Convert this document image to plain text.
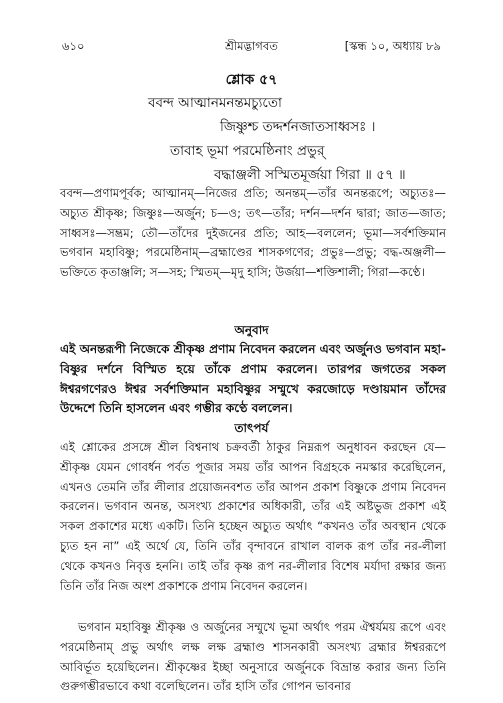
৬১০	শ্রীমদ্ভাগবত	[স্কন্ধ ১০, অধ্যায় ৮৯
শ্লোক ৫৭
ববন্দ আত্মানমনন্তমচ্যুতো
জিষ্ণুশ্চ তদ্দর্শনজাতসাধ্বসঃ ।
তাবাহ ভূমা পরমেষ্ঠিনাং প্রভুর্
বদ্ধাঞ্জলী সস্মিতমূর্জয়া গিরা ॥ ৫৭ ॥

ববন্দ—প্রণামপূর্বক; আত্মানম্—নিজের প্রতি; অনন্তম্—তাঁর অনন্তরূপে; অচ্যুতঃ—অচ্যুত শ্রীকৃষ্ণ; জিষ্ণুঃ—অর্জুন; চ—ও; তৎ—তাঁর; দর্শন—দর্শন দ্বারা; জাত—জাত; সাধ্বসঃ—সম্ভ্রম; তৌ—তাঁদের দুইজনের প্রতি; আহ—বললেন; ভূমা—সর্বশক্তিমান ভগবান মহাবিষ্ণু; পরমেষ্ঠিনাম্—ব্রহ্মাণ্ডের শাসকগণের; প্রভুঃ—প্রভু; বদ্ধ-অঞ্জলী—ভক্তিতে কৃতাঞ্জলি; স—সহ; স্মিতম্—মৃদু হাসি; উর্জয়া—শক্তিশালী; গিরা—কণ্ঠে।

অনুবাদ

এই অনন্তরূপী নিজেকে শ্রীকৃষ্ণ প্রণাম নিবেদন করলেন এবং অর্জুনও ভগবান মহা-বিষ্ণুর দর্শনে বিস্মিত হয়ে তাঁকে প্রণাম করলেন। তারপর জগতের সকল ঈশ্বরগণেরও ঈশ্বর সর্বশক্তিমান মহাবিষ্ণুর সম্মুখে করজোড়ে দণ্ডায়মান তাঁদের উদ্দেশে তিনি হাসলেন এবং গম্ভীর কণ্ঠে বললেন।

তাৎপর্য

এই শ্লোকের প্রসঙ্গে শ্রীল বিশ্বনাথ চক্রবর্তী ঠাকুর নিম্নরূপ অনুধাবন করছেন যে—শ্রীকৃষ্ণ যেমন গোবর্ধন পর্বত পূজার সময় তাঁর আপন বিগ্রহকে নমস্কার করেছিলেন, এখনও তেমনি তাঁর লীলার প্রয়োজনবশত তাঁর আপন প্রকাশ বিষ্ণুকে প্রণাম নিবেদন করলেন। ভগবান অনন্ত, অসংখ্য প্রকাশের অধিকারী, তাঁর এই অষ্টভুজ প্রকাশ এই সকল প্রকাশের মধ্যে একটি। তিনি হচ্ছেন অচ্যুত অর্থাৎ “কখনও তাঁর অবস্থান থেকে চ্যুত হন না” এই অর্থে যে, তিনি তাঁর বৃন্দাবনে রাখাল বালক রূপ তাঁর নর-লীলা থেকে কখনও নিবৃত্ত হননি। তাই তাঁর কৃষ্ণ রূপ নর-লীলার বিশেষ মর্যাদা রক্ষার জন্য তিনি তাঁর নিজ অংশ প্রকাশকে প্রণাম নিবেদন করলেন।

ভগবান মহাবিষ্ণু শ্রীকৃষ্ণ ও অর্জুনের সম্মুখে ভূমা অর্থাৎ পরম ঐশ্বর্যময় রূপে এবং পরমেষ্ঠিনাম্ প্রভু অর্থাৎ লক্ষ লক্ষ ব্রহ্মাণ্ড শাসনকারী অসংখ্য ব্রহ্মার ঈশ্বররূপে আবির্ভূত হয়েছিলেন। শ্রীকৃষ্ণের ইচ্ছা অনুসারে অর্জুনকে বিভ্রান্ত করার জন্য তিনি গুরুগম্ভীরভাবে কথা বলেছিলেন। তাঁর হাসি তাঁর গোপন ভাবনার
